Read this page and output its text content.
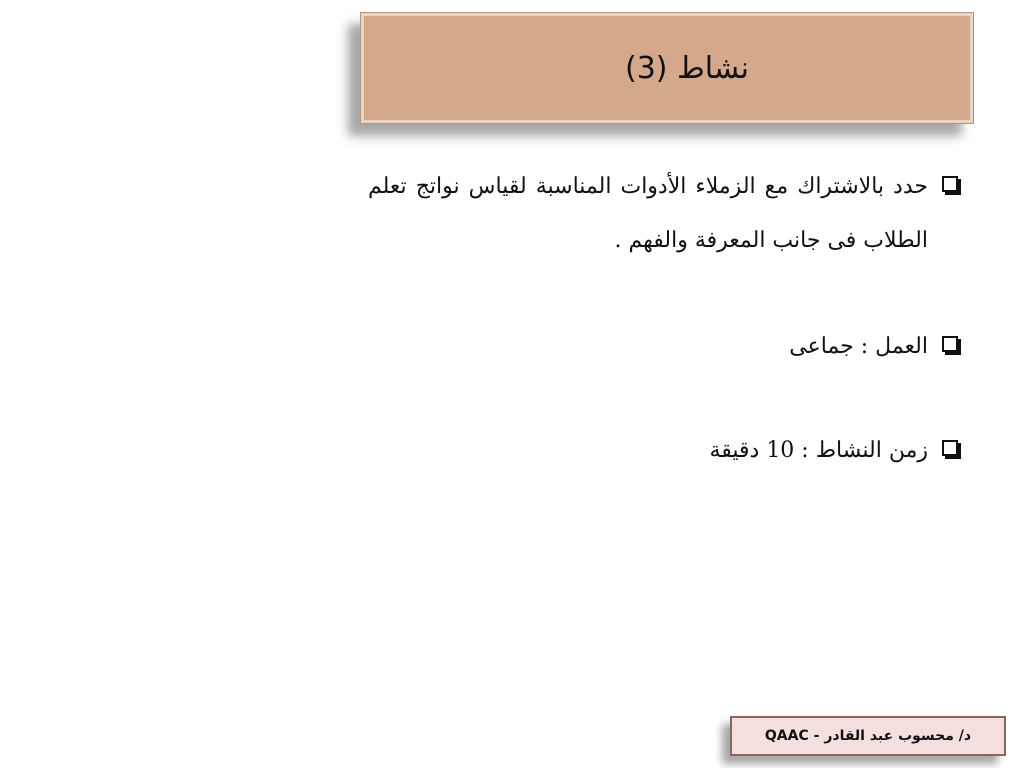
نشاط (3)
حدد بالاشتراك مع الزملاء الأدوات المناسبة لقياس نواتج تعلم الطلاب فى جانب المعرفة والفهم .
العمل : جماعى
زمن النشاط : 10 دقيقة
د/ محسوب عبد القادر - QAAC
